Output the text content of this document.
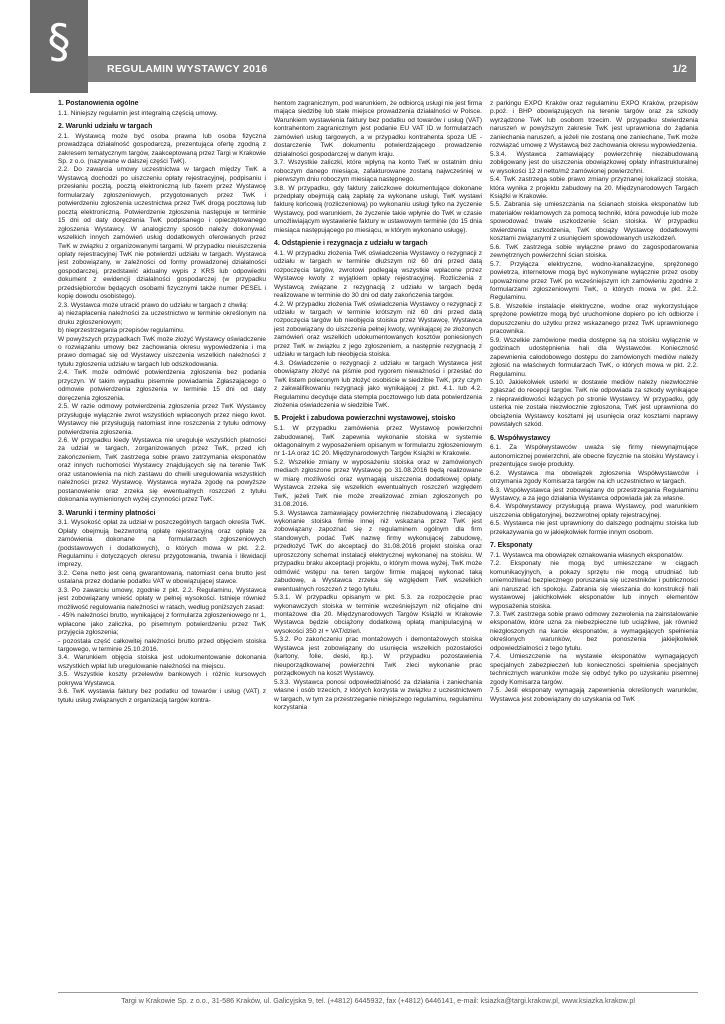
§
REGULAMIN WYSTAWCY 2016	1/2
1. Postanowienia ogólne

1.1. Niniejszy regulamin jest integralną częścią umowy.

2. Warunki udziału w targach

2.1. Wystawcą może być osoba prawna lub osoba fizyczna prowadząca działalność gospodarczą, prezentująca ofertę zgodną z zakresem tematycznym targów, zaakceptowaną przez Targi w Krakowie Sp. z o.o. (nazywane w dalszej części TwK).

2.2. Do zawarcia umowy uczestnictwa w targach między TwK a Wystawcą dochodzi po uiszczeniu opłaty rejestracyjnej, podpisaniu i przesłaniu pocztą, pocztą elektroniczną lub faxem przez Wystawcę formularza/y zgłoszeniowych, przygotowanych przez TwK i potwierdzeniu zgłoszenia uczestnictwa przez TwK drogą pocztową lub pocztą elektroniczną. Potwierdzenie zgłoszenia następuje w terminie 15 dni od daty doręczenia TwK podpisanego i opieczętowanego zgłoszenia Wystawcy. W analogiczny sposób należy dokonywać wszelkich innych zamówień usług dodatkowych oferowanych przez TwK w związku z organizowanymi targami. W przypadku nieuiszczenia opłaty rejestracyjnej TwK nie potwierdzi udziału w targach. Wystawca jest zobowiązany, w zależności od formy prowadzonej działalności gospodarczej, przedstawić aktualny wypis z KRS lub odpowiedni dokument z ewidencji działalności gospodarczej (w przypadku przedsiębiorców będących osobami fizycznymi także numer PESEL i kopię dowodu osobistego).

2.3. Wystawca może utracić prawo do udziału w targach z chwilą:

a) niezapłacenia należności za uczestnictwo w terminie określonym na druku zgłoszeniowym;

b) nieprzestrzegania przepisów regulaminu.

W powyższych przypadkach TwK może złożyć Wystawcy oświadczenie o rozwiązaniu umowy bez zachowania okresu wypowiedzenia i ma prawo domagać się od Wystawcy uiszczenia wszelkich należności z tytułu zgłoszenia udziału w targach lub odszkodowania.

2.4. TwK może odmówić potwierdzenia zgłoszenia bez podania przyczyn. W takim wypadku pisemnie powiadamia Zgłaszającego o odmowie potwierdzenia zgłoszenia w terminie 15 dni od daty doręczenia zgłoszenia.

2.5. W razie odmowy potwierdzenia zgłoszenia przez TwK Wystawcy przysługuje wyłącznie zwrot wszystkich wpłaconych przez niego kwot. Wystawcy nie przysługują natomiast inne roszczenia z tytułu odmowy potwierdzenia zgłoszenia.

2.6. W przypadku kiedy Wystawca nie ureguluje wszystkich płatności za udział w targach, zorganizowanych przez TwK, przed ich zakończeniem, TwK zastrzega sobie prawo zatrzymania eksponatów oraz innych ruchomości Wystawcy znajdujących się na terenie TwK oraz ustanowienia na nich zastawu do chwili uregulowania wszystkich należności przez Wystawcę. Wystawca wyraża zgodę na powyższe postanowienie oraz zrzeka się ewentualnych roszczeń z tytułu dokonania wymienionych wyżej czynności przez TwK.

3. Warunki i terminy płatności

3.1. Wysokość opłat za udział w poszczególnych targach określa TwK. Opłaty obejmują bezzwrotną opłatę rejestracyjną oraz opłatę za zamówienia dokonane na formularzach zgłoszeniowych (podstawowych i dodatkowych), o których mowa w pkt. 2.2. Regulaminu i dotyczących okresu przygotowania, trwania i likwidacji imprezy.

3.2. Cena netto jest ceną gwarantowaną, natomiast cena brutto jest ustalana przez dodanie podatku VAT w obowiązującej stawce.

3.3. Po zawarciu umowy, zgodnie z pkt. 2.2. Regulaminu, Wystawca jest zobowiązany wnieść opłaty w pełnej wysokości. Istnieje również możliwość regulowania należności w ratach, według poniższych zasad:

- 45% należności brutto, wynikającej z formularza zgłoszeniowego nr 1, wpłacone jako zaliczka, po pisemnym potwierdzeniu przez TwK przyjęcia zgłoszenia;

- pozostała część całkowitej należności brutto przed objęciem stoiska targowego, w terminie 25.10.2016.

3.4. Warunkiem objęcia stoiska jest udokumentowanie dokonania wszystkich wpłat lub uregulowanie należności na miejscu.

3.5. Wszystkie koszty przelewów bankowych i różnic kursowych pokrywa Wystawca.

3.6. TwK wystawia faktury bez podatku od towarów i usług (VAT) z tytułu usług związanych z organizacją targów kontra-

hentom zagranicznym, pod warunkiem, że odbiorcą usługi nie jest firma mająca siedzibę lub stałe miejsce prowadzenia działalności w Polsce. Warunkiem wystawienia faktury bez podatku od towarów i usług (VAT) kontrahentom zagranicznym jest podanie EU VAT ID w formularzach zamówień usług targowych, a w przypadku kontrahenta spoza UE - dostarczenie TwK dokumentu potwierdzającego prowadzenie działalności gospodarczej w danym kraju.

3.7. Wszystkie zaliczki, które wpłyną na konto TwK w ostatnim dniu roboczym danego miesiąca, zafakturowane zostaną najwcześniej w pierwszym dniu roboczym miesiąca następnego.

3.8. W przypadku, gdy faktury zaliczkowe dokumentujące dokonane przedpłaty obejmują całą zapłatę za wykonane usługi, TwK wystawi fakturę końcową (rozliczeniową) po wykonaniu usługi tylko na życzenie Wystawcy, pod warunkiem, że życzenie takie wpłynie do TwK w czasie umożliwiającym wystawienie faktury w ustawowym terminie (do 15 dnia miesiąca następującego po miesiącu, w którym wykonano usługę).

4. Odstąpienie i rezygnacja z udziału w targach

4.1. W przypadku złożenia TwK oświadczenia Wystawcy o rezygnacji z udziału w targach w terminie dłuższym niż 60 dni przed datą rozpoczęcia targów, zwrotowi podlegają wszystkie wpłacone przez Wystawcę kwoty z wyjątkiem opłaty rejestracyjnej. Rozliczenia z Wystawcą związane z rezygnacją z udziału w targach będą realizowane w terminie do 30 dni od daty zakończenia targów.

4.2. W przypadku złożenia TwK oświadczenia Wystawcy o rezygnacji z udziału w targach w terminie krótszym niż 60 dni przed datą rozpoczęcia targów lub nieobjęcia stoiska przez Wystawcę, Wystawca jest zobowiązany do uiszczenia pełnej kwoty, wynikającej ze złożonych zamówień oraz wszelkich udokumentowanych kosztów poniesionych przez TwK w związku z jego zgłoszeniem, a następnie rezygnacją z udziału w targach lub nieobjęcia stoiska.

4.3. Oświadczenie o rezygnacji z udziału w targach Wystawca jest obowiązany złożyć na piśmie pod rygorem nieważności i przesłać do TwK listem poleconym lub złożyć osobiście w siedzibie TwK, przy czym z zakwalifikowaniu rezygnacji jako wynikającej z pkt. 4.1. lub 4.2. Regulaminu decyduje data stempla pocztowego lub data potwierdzenia złożenia oświadczenia w siedzibie TwK.

5. Projekt i zabudowa powierzchni wystawowej, stoisko

5.1. W przypadku zamówienia przez Wystawcę powierzchni zabudowanej, TwK zapewnia wykonanie stoiska w systemie oktagonalnym z wyposażeniem opisanym w formularzu zgłoszeniowym nr 1-1A oraz 1C 20. Międzynarodowych Targów Książki w Krakowie.

5.2. Wszelkie zmiany w wyposażeniu stoiska oraz w zamówionych mediach zgłoszone przez Wystawcę po 31.08.2016 będą realizowane w miarę możliwości oraz wymagają uiszczenia dodatkowej opłaty. Wystawca zrzeka się wszelkich ewentualnych roszczeń względem TwK, jeżeli TwK nie może zrealizować zmian zgłoszonych po 31.08.2016.

5.3. Wystawca zamawiający powierzchnię niezabudowaną i zlecający wykonanie stoiska firmie innej niż wskazana przez TwK jest zobowiązany zapoznać się z regulaminem ogólnym dla firm standowych, podać TwK nazwę firmy wykonującej zabudowę, przedłożyć TwK do akceptacji do 31.08.2016 projekt stoiska oraz uproszczony schemat instalacji elektrycznej wykonanej na stoisku. W przypadku braku akceptacji projektu, o którym mowa wyżej, TwK może odmówić wstępu na teren targów firmie mającej wykonać taką zabudowę, a Wystawca zrzeka się względem TwK wszelkich ewentualnych roszczeń z tego tytułu.

5.3.1. W przypadku opisanym w pkt. 5.3. za rozpoczęcie prac wykonawczych stoiska w terminie wcześniejszym niż oficjalne dni montażowe dla 20. Międzynarodowych Targów Książki w Krakowie Wystawca będzie obciążony dodatkową opłatą manipulacyjną w wysokości 350 zł + VAT/dzień.

5.3.2. Po zakończeniu prac montażowych i demontażowych stoiska Wystawca jest zobowiązany do usunięcia wszelkich pozostałości (kartony, folie, deski, itp.). W przypadku pozostawienia nieuporządkowanej powierzchni TwK zleci wykonanie prac porządkowych na koszt Wystawcy.

5.3.3. Wystawca ponosi odpowiedzialność za działania i zaniechania własne i osób trzecich, z których korzysta w związku z uczestnictwem w targach, w tym za przestrzeganie niniejszego regulaminu, regulaminu korzystania

z parkingu EXPO Kraków oraz regulaminu EXPO Kraków, przepisów p.poż. i BHP obowiązujących na terenie targów oraz za szkody wyrządzone TwK lub osobom trzecim. W przypadku stwierdzenia naruszeń w powyższym zakresie TwK jest uprawniona do żądania zaniechania naruszeń, a jeżeli nie zostaną one zaniechane, TwK może rozwiązać umowę z Wystawcą bez zachowania okresu wypowiedzenia.

5.3.4. Wystawca zamawiający powierzchnię niezabudowaną zobligowany jest do uiszczenia obowiązkowej opłaty infrastrukturalnej w wysokości 12 zł netto/m2 zamówionej powierzchni.

5.4. TwK zastrzega sobie prawo zmiany przyznanej lokalizacji stoiska, która wynika z projektu zabudowy na 20. Międzynarodowych Targach Książki w Krakowie.

5.5. Zabrania się umieszczania na ścianach stoiska eksponatów lub materiałów reklamowych za pomocą techniki, która powoduje lub może spowodować trwałe uszkodzenie ścian stoiska. W przypadku stwierdzenia uszkodzenia, TwK obciąży Wystawcę dodatkowymi kosztami związanymi z usunięciem spowodowanych uszkodzeń.

5.6. TwK zastrzega sobie wyłączne prawo do zagospodarowania zewnętrznych powierzchni ścian stoiska.

5.7. Przyłącza elektryczne, wodno-kanalizacyjne, sprężonego powietrza, internetowe mogą być wykonywane wyłącznie przez osoby upoważnione przez TwK po wcześniejszym ich zamówieniu zgodnie z formularzami zgłoszeniowymi TwK, o których mowa w pkt. 2.2. Regulaminu.

5.8. Wszelkie instalacje elektryczne, wodne oraz wykorzystujące sprężone powietrze mogą być uruchomione dopiero po ich odbiorze i dopuszczeniu do użytku przez wskazanego przez TwK uprawnionego pracownika.

5.9. Wszelkie zamówione media dostępne są na stoisku wyłącznie w godzinach udostępnienia hali dla Wystawców. Konieczność zapewnienia całodobowego dostępu do zamówionych mediów należy zgłosić na właściwych formularzach TwK, o których mowa w pkt. 2.2. Regulaminu.

5.10. Jakiekolwiek usterki w dostawie mediów należy niezwłocznie zgłaszać do recepcji targów. TwK nie odpowiada za szkody wynikające z nieprawidłowości leżących po stronie Wystawcy. W przypadku, gdy usterka nie została niezwłocznie zgłoszona, TwK jest uprawniona do obciążenia Wystawcy kosztami jej usunięcia oraz kosztami naprawy powstałych szkód.

6. Współwystawcy

6.1. Za Współwystawców uważa się firmy niewynajmujące autonomicznej powierzchni, ale obecne fizycznie na stoisku Wystawcy i prezentujące swoje produkty.

6.2. Wystawca ma obowiązek zgłoszenia Współwystawców i otrzymania zgody Komisarza targów na ich uczestnictwo w targach.

6.3. Współwystawca jest zobowiązany do przestrzegania Regulaminu Wystawcy, a za jego działania Wystawca odpowiada jak za własne.

6.4. Współwystawcy przysługują prawa Wystawcy, pod warunkiem uiszczenia obligatoryjnej, bezzwrotnej opłaty rejestracyjnej.

6.5. Wystawca nie jest uprawniony do dalszego podnajmu stoiska lub przekazywania go w jakiejkolwiek formie innym osobom.

7. Eksponaty

7.1. Wystawca ma obowiązek oznakowania własnych eksponatów.

7.2. Eksponaty nie mogą być umieszczane w ciągach komunikacyjnych, a pokazy sprzętu nie mogą utrudniać lub uniemożliwiać bezpiecznego poruszania się uczestników i publiczności ani naruszać ich spokoju. Zabrania się wieszania do konstrukcji hali wystawowej jakichkolwiek eksponatów lub innych elementów wyposażenia stoiska.

7.3. TwK zastrzega sobie prawo odmowy zezwolenia na zainstalowanie eksponatów, które uzna za niebezpieczne lub uciążliwe, jak również niezgłoszonych na karcie eksponatów, a wymagających spełnienia określonych warunków, bez ponoszenia jakiejkolwiek odpowiedzialności z tego tytułu.

7.4. Umieszczenie na wystawie eksponatów wymagających specjalnych zabezpieczeń lub konieczności spełnienia specjalnych technicznych warunków może się odbyć tylko po uzyskaniu pisemnej zgody Komisarza targów.

7.5. Jeśli eksponaty wymagają zapewnienia określonych warunków, Wystawca jest zobowiązany do uzyskania od TwK

Targi w Krakowie Sp. z o.o., 31-586 Kraków, ul. Galicyjska 9, tel. (+4812) 6445932, fax (+4812) 6446141, e-mail: ksiazka@targi.krakow.pl, www.ksiazka.krakow.pl
